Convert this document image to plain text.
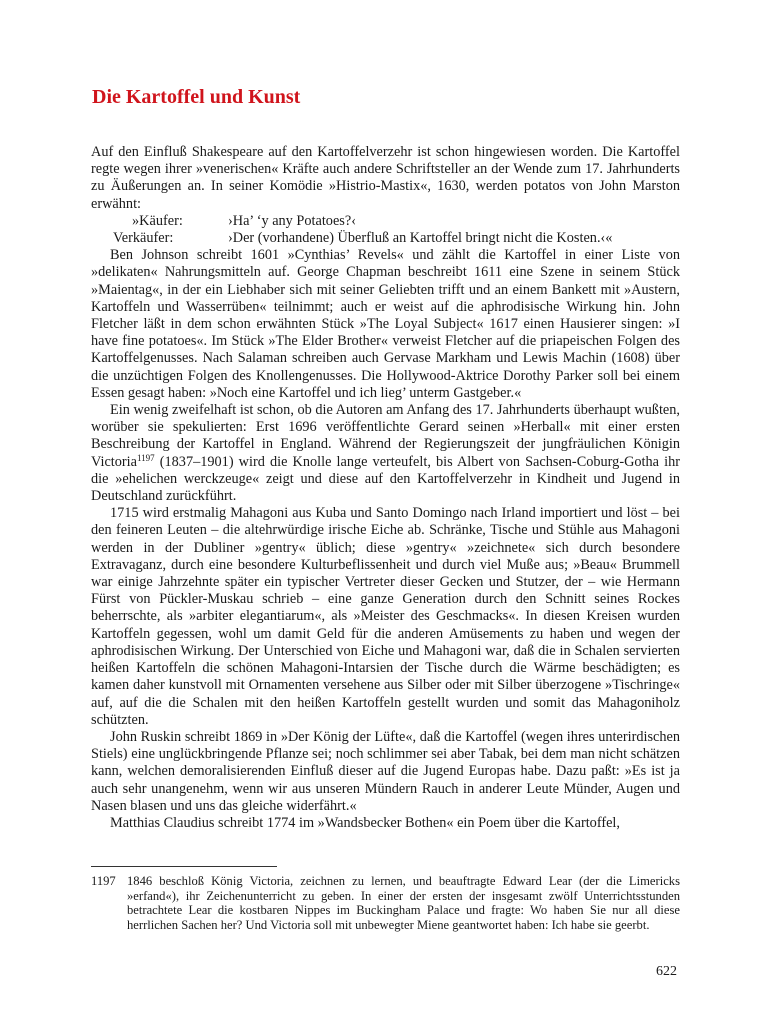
Die Kartoffel und Kunst

Auf den Einfluß Shakespeare auf den Kartoffelverzehr ist schon hingewiesen worden. Die Kartoffel regte wegen ihrer »venerischen« Kräfte auch andere Schriftsteller an der Wende zum 17. Jahrhunderts zu Äußerungen an. In seiner Komödie »Histrio-Mastix«, 1630, werden potatos von John Marston erwähnt:

»Käufer:	›Ha’ ‘y any Potatoes?‹
Verkäufer:	›Der (vorhandene) Überfluß an Kartoffel bringt nicht die Kosten.‹«

Ben Johnson schreibt 1601 »Cynthias’ Revels« und zählt die Kartoffel in einer Liste von »delikaten« Nahrungsmitteln auf. George Chapman beschreibt 1611 eine Szene in seinem Stück »Maientag«, in der ein Liebhaber sich mit seiner Geliebten trifft und an einem Bankett mit »Austern, Kartoffeln und Wasserrüben« teilnimmt; auch er weist auf die aphrodisische Wirkung hin. John Fletcher läßt in dem schon erwähnten Stück »The Loyal Subject« 1617 einen Hausierer singen: »I have fine potatoes«. Im Stück »The Elder Brother« verweist Fletcher auf die priapeischen Folgen des Kartoffelgenusses. Nach Salaman schreiben auch Gervase Markham und Lewis Machin (1608) über die unzüchtigen Folgen des Knollengenusses. Die Hollywood-Aktrice Dorothy Parker soll bei einem Essen gesagt haben: »Noch eine Kartoffel und ich lieg’ unterm Gastgeber.«

Ein wenig zweifelhaft ist schon, ob die Autoren am Anfang des 17. Jahrhunderts überhaupt wußten, worüber sie spekulierten: Erst 1696 veröffentlichte Gerard seinen »Herball« mit einer ersten Beschreibung der Kartoffel in England. Während der Regierungszeit der jungfräulichen Königin Victoria$^{1197}$ (1837–1901) wird die Knolle lange verteufelt, bis Albert von Sachsen-Coburg-Gotha ihr die »ehelichen werckzeuge« zeigt und diese auf den Kartoffelverzehr in Kindheit und Jugend in Deutschland zurückführt.

1715 wird erstmalig Mahagoni aus Kuba und Santo Domingo nach Irland importiert und löst – bei den feineren Leuten – die altehrwürdige irische Eiche ab. Schränke, Tische und Stühle aus Mahagoni werden in der Dubliner »gentry« üblich; diese »gentry« »zeichnete« sich durch besondere Extravaganz, durch eine besondere Kulturbeflissenheit und durch viel Muße aus; »Beau« Brummell war einige Jahrzehnte später ein typischer Vertreter dieser Gecken und Stutzer, der – wie Hermann Fürst von Pückler-Muskau schrieb – eine ganze Generation durch den Schnitt seines Rockes beherrschte, als »arbiter elegantiarum«, als »Meister des Geschmacks«. In diesen Kreisen wurden Kartoffeln gegessen, wohl um damit Geld für die anderen Amüsements zu haben und wegen der aphrodisischen Wirkung. Der Unterschied von Eiche und Mahagoni war, daß die in Schalen servierten heißen Kartoffeln die schönen Mahagoni-Intarsien der Tische durch die Wärme beschädigten; es kamen daher kunstvoll mit Ornamenten versehene aus Silber oder mit Silber überzogene »Tischringe« auf, auf die die Schalen mit den heißen Kartoffeln gestellt wurden und somit das Mahagoniholz schützten.

John Ruskin schreibt 1869 in »Der König der Lüfte«, daß die Kartoffel (wegen ihres unterirdischen Stiels) eine unglückbringende Pflanze sei; noch schlimmer sei aber Tabak, bei dem man nicht schätzen kann, welchen demoralisierenden Einfluß dieser auf die Jugend Europas habe. Dazu paßt: »Es ist ja auch sehr unangenehm, wenn wir aus unseren Mündern Rauch in anderer Leute Münder, Augen und Nasen blasen und uns das gleiche widerfährt.«

Matthias Claudius schreibt 1774 im »Wandsbecker Bothen« ein Poem über die Kartoffel,

1197 1846 beschloß König Victoria, zeichnen zu lernen, und beauftragte Edward Lear (der die Limericks »erfand«), ihr Zeichenunterricht zu geben. In einer der ersten der insgesamt zwölf Unterrichtsstunden betrachtete Lear die kostbaren Nippes im Buckingham Palace und fragte: Wo haben Sie nur all diese herrlichen Sachen her? Und Victoria soll mit unbewegter Miene geantwortet haben: Ich habe sie geerbt.
622
